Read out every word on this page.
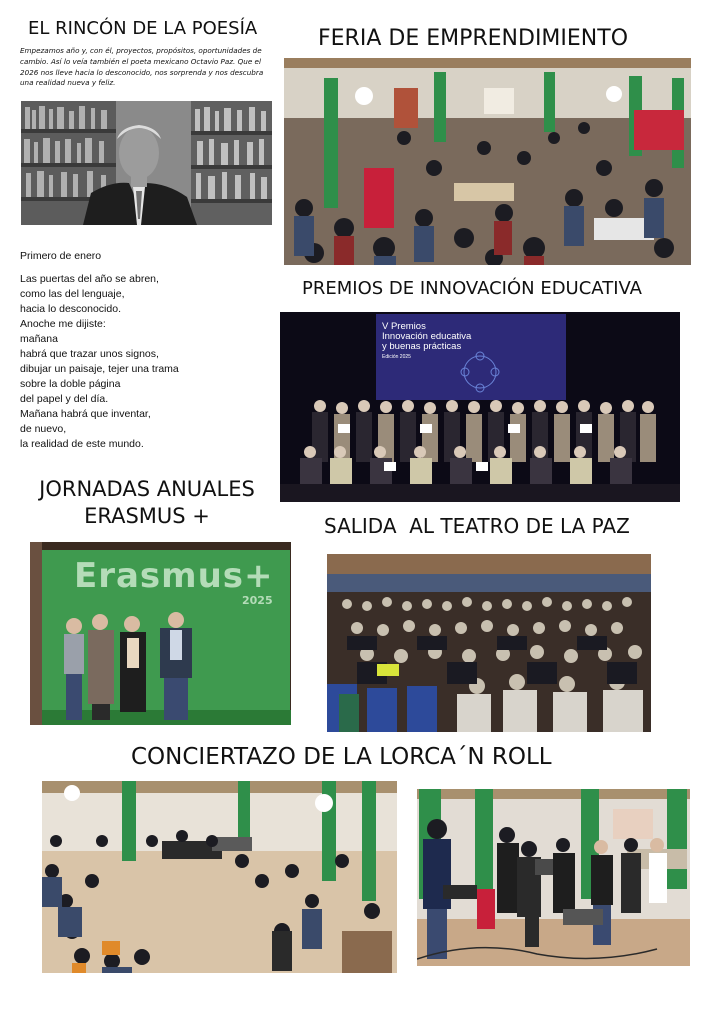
EL RINCÓN DE LA POESÍA
Empezamos año y, con él, proyectos, propósitos, oportunidades de cambio. Así lo veía también el poeta mexicano Octavio Paz. Que el 2026 nos lleve hacia lo desconocido, nos sorprenda y nos descubra una realidad nueva y feliz.
Primero de enero
Las puertas del año se abren,
como las del lenguaje,
hacia lo desconocido.
Anoche me dijiste:
mañana
habrá que trazar unos signos,
dibujar un paisaje, tejer una trama
sobre la doble página
del papel y del día.
Mañana habrá que inventar,
de nuevo,
la realidad de este mundo.
FERIA DE EMPRENDIMIENTO
PREMIOS DE INNOVACIÓN EDUCATIVA
V Premios
Innovación educativa
y buenas prácticas
Edición 2025
JORNADAS ANUALES
ERASMUS +
Erasmus+
2025
SALIDA  AL TEATRO DE LA PAZ
CONCIERTAZO DE LA LORCA´N ROLL
